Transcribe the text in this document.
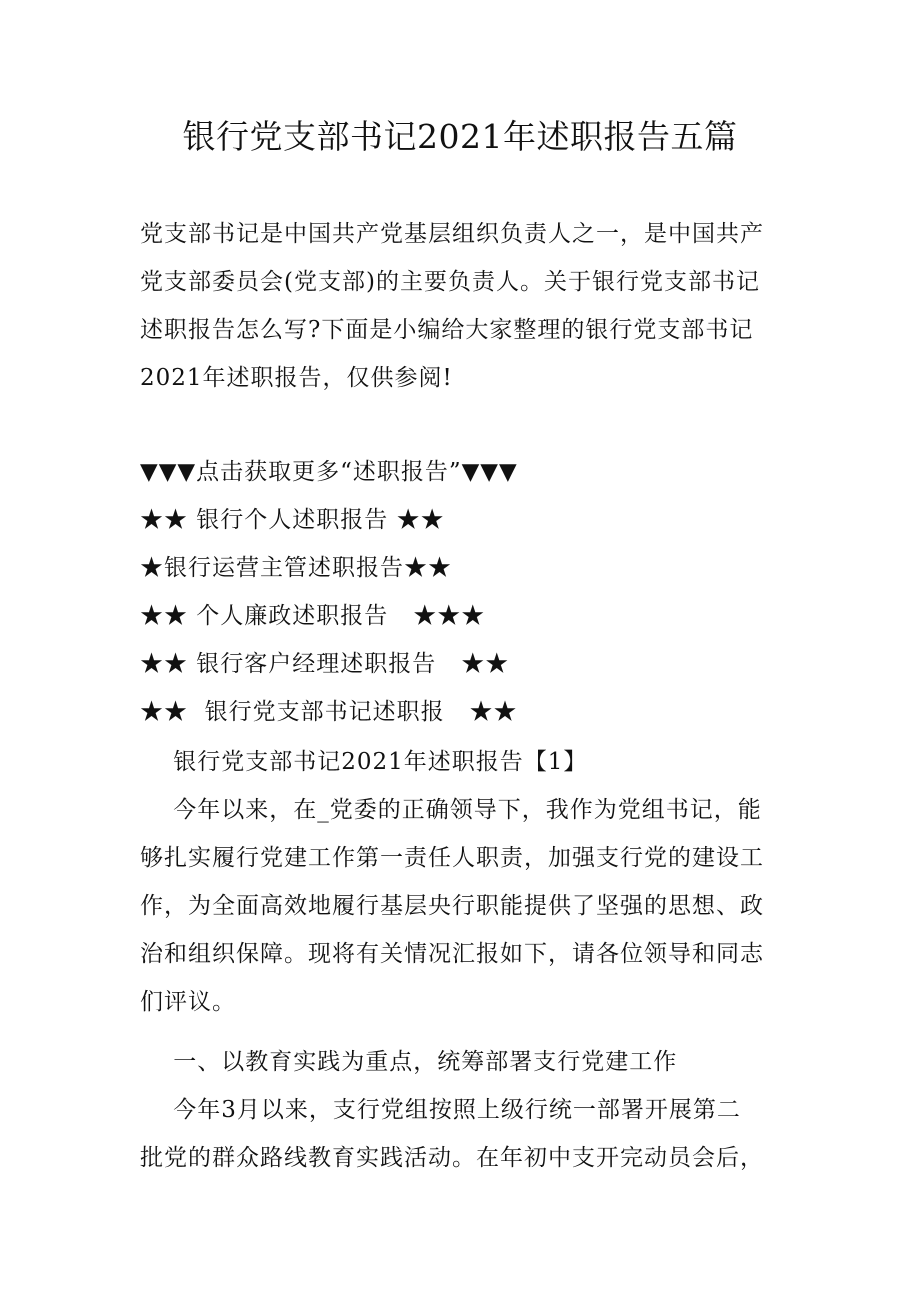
银行党支部书记2021年述职报告五篇

党支部书记是中国共产党基层组织负责人之一，是中国共产
党支部委员会(党支部)的主要负责人。关于银行党支部书记
述职报告怎么写?下面是小编给大家整理的银行党支部书记
2021年述职报告，仅供参阅!

▼▼▼点击获取更多“述职报告”▼▼▼
★★ 银行个人述职报告 ★★
★银行运营主管述职报告★★
★★ 个人廉政述职报告   ★★★
★★ 银行客户经理述职报告   ★★
★★  银行党支部书记述职报   ★★
银行党支部书记2021年述职报告【1】
今年以来，在_党委的正确领导下，我作为党组书记，能
够扎实履行党建工作第一责任人职责，加强支行党的建设工
作，为全面高效地履行基层央行职能提供了坚强的思想、政
治和组织保障。现将有关情况汇报如下，请各位领导和同志
们评议。
一、以教育实践为重点，统筹部署支行党建工作
今年3月以来，支行党组按照上级行统一部署开展第二
批党的群众路线教育实践活动。在年初中支开完动员会后，
